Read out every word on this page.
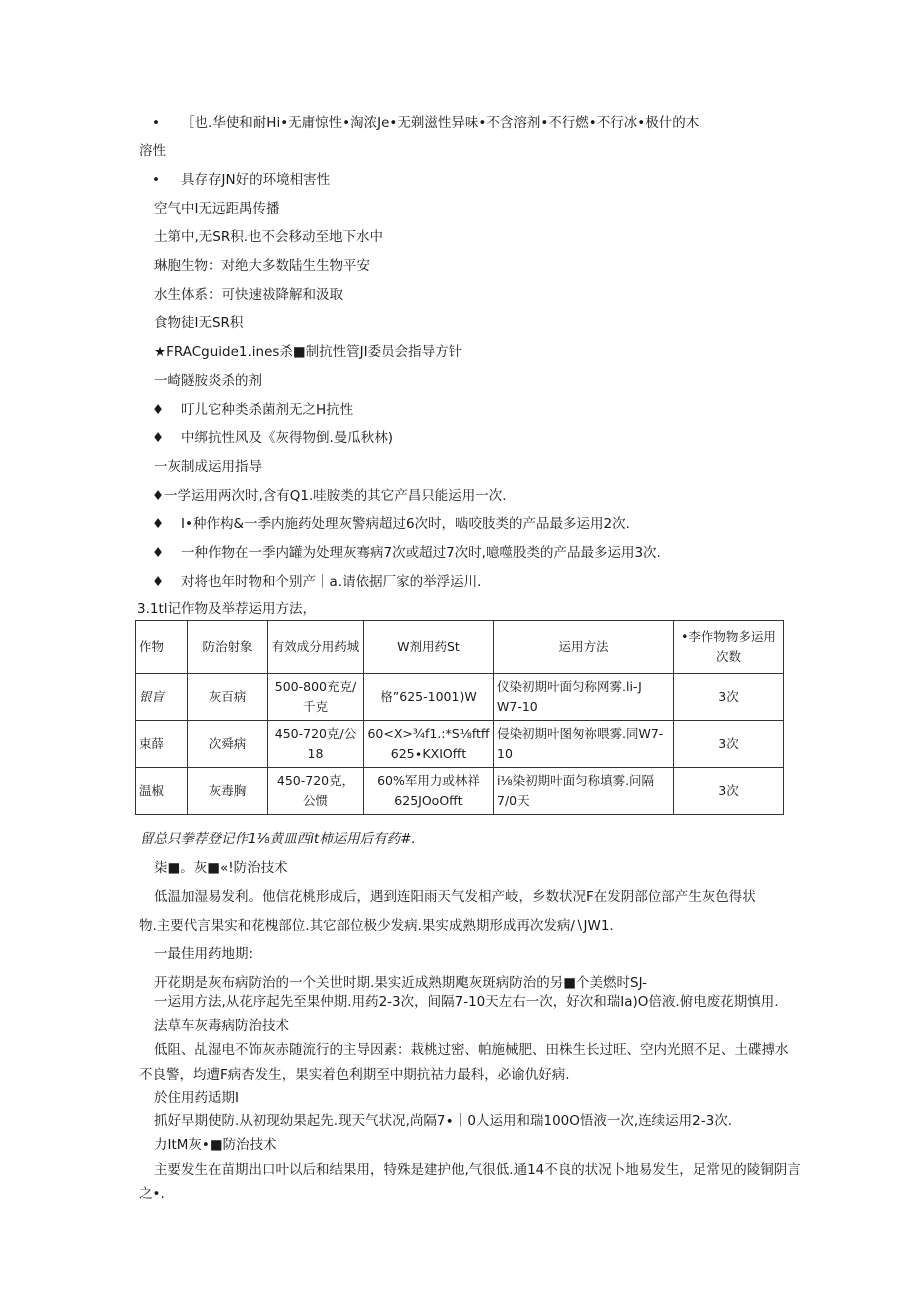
• ［也.华使和耐Hi•无庸惊性•淘浓Je•无剃滋性异味•不含溶剂•不行燃•不行冰•极什的木
溶性
• 具存存JN好的环境相害性
空气中I无远距禺传播
土第中,无SR积.也不会移动至地下水中
琳胞生物：对绝大多数陆生生物平安
水生体系：可快速祓降解和汲取
食物徒I无SR积
★FRACguide1.ines杀■制抗性管JI委员会指导方针
一崎隧胺炎杀的剂
♦ 叮儿它种类杀菌剂无之H抗性
♦ 中绑抗性风及《灰得物倒.曼瓜秋林)
一灰制成运用指导
♦ 一学运用两次时,含有Q1.哇胺类的其它产昌只能运用一次.
♦ I•种作构&一季内施药处理灰警病超过6次时，啮咬肢类的产品最多运用2次.
♦ 一种作物在一季内罐为处理灰骞病7次或超过7次时,噫噬股类的产品最多运用3次.
♦ 对将也年时物和个别产｜a.请依据厂家的举浮运川.
3.1tl记作物及举荐运用方法，
作物	防治射象	有效成分用药城	W剂用药St	运用方法	•李作物物多运用次数
银盲	灰百病	500-800充克/千克	格”625-1001)W	仪染初期叶面匀称网雾.li-J W7-10	3次
束薛	次舜病	450-720克/公18	60<X>¾f1.:*S⅛ftff 625∙KXIOfft	侵染初期叶图匆祢喂雾.同W7-10	3次
温椒	灰毒胸	450-720克，公惯	60%军用力或林祥625JOoOfft	i⅛染初期叶面匀称填雾.问隔7/0天	3次
留总只拳荐登记作1⅛黄皿西it柿运用后有药#.
柒■。灰■«!防治技术
低温加湿易发利。他信花桃形成后，遇到连阳雨天气发相产岐，乡数状况F在发阴部位部产生灰色得状
物.主要代言果实和花槐部位.其它部位极少发病.果实成熟期形成再次发病∕∖JW1.
一最佳用药地期:
开花期是灰布病防治的一个关世时期.果实近成熟期飑灰斑病防治的另■个美燃时SJ-
一运用方法,从花序起先至果仲期.用药2-3次，间隔7-10天左右一次，好次和瑞Ia)O倍液.俯电废花期慎用.
法草车灰毒病防治技术
低阻、乩湿电不饰灰赤随流行的主导因素：栽桃过密、帕施械肥、田株生长过旺、空内光照不足、土碟搏水
不良警，均遭F病杏发生，果实着色利期至中期抗祜力最科，必谕仇好病.
於住用药适期I
抓好早期使防.从初现幼果起先.现天气状况,尚隔7∙｜0人运用和瑞100O悟液一次,连续运用2-3次.
力ItM灰•■防治技术
主要发生在苗期出口叶以后和结果用，特殊是建护他,气很低.通14不良的状况卜地易发生，足常见的陵铜阴言
之•.
